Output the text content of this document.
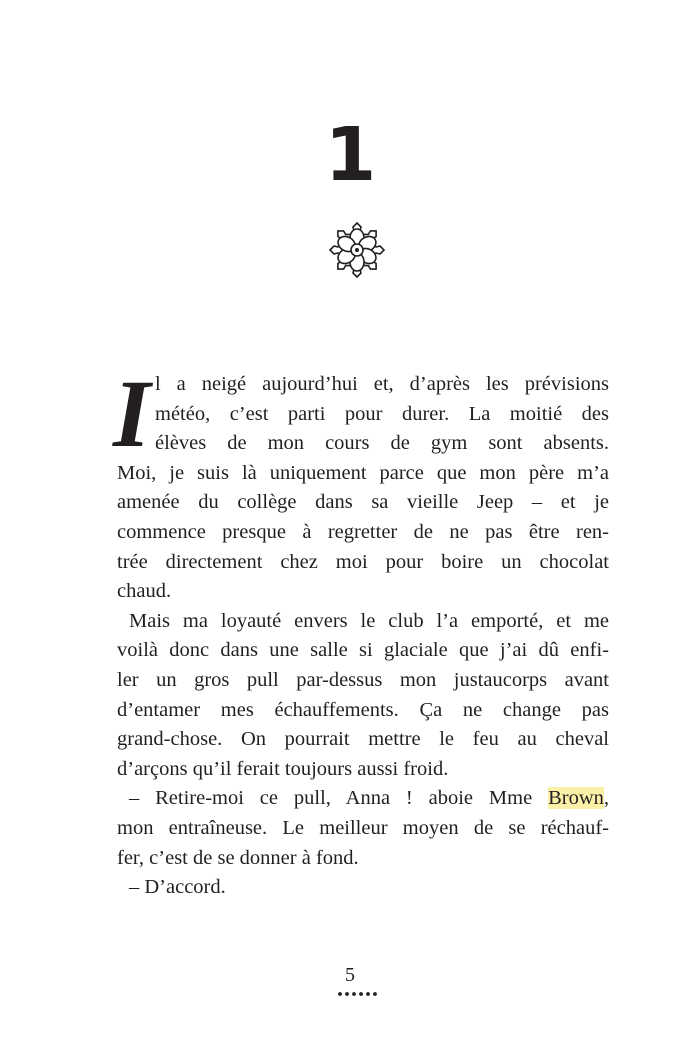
1

I l a neigé aujourd’hui et, d’après les prévisions
météo, c’est parti pour durer. La moitié des
élèves de mon cours de gym sont absents.
Moi, je suis là uniquement parce que mon père m’a
amenée du collège dans sa vieille Jeep – et je
commence presque à regretter de ne pas être ren-
trée directement chez moi pour boire un chocolat
chaud.

Mais ma loyauté envers le club l’a emporté, et me
voilà donc dans une salle si glaciale que j’ai dû enfi-
ler un gros pull par-dessus mon justaucorps avant
d’entamer mes échauffements. Ça ne change pas
grand-chose. On pourrait mettre le feu au cheval
d’arçons qu’il ferait toujours aussi froid.

– Retire-moi ce pull, Anna ! aboie Mme Brown,
mon entraîneuse. Le meilleur moyen de se réchauf-
fer, c’est de se donner à fond.

– D’accord.

5
